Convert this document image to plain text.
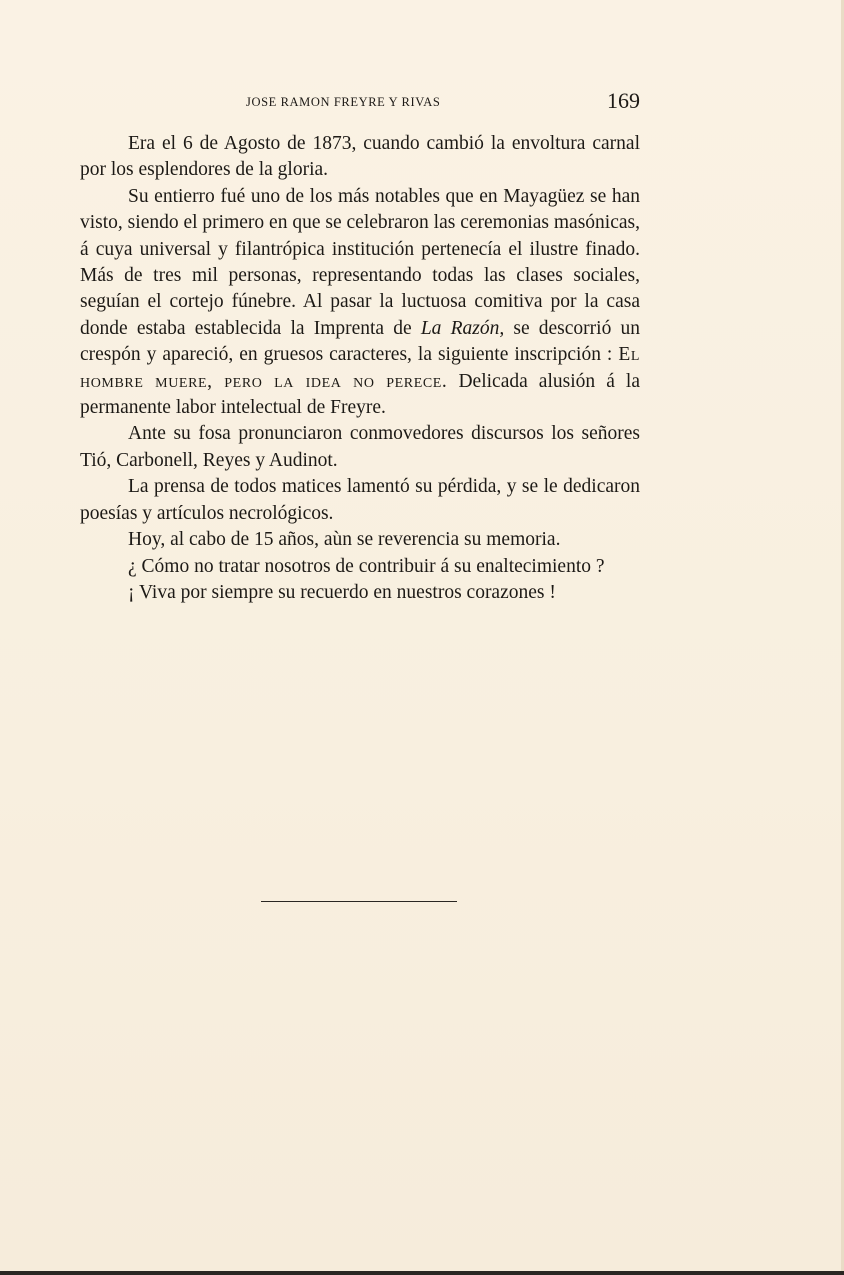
JOSE RAMON FREYRE Y RIVAS	169

Era el 6 de Agosto de 1873, cuando cambió la envoltura carnal por los esplendores de la gloria.

Su entierro fué uno de los más notables que en Mayagüez se han visto, siendo el primero en que se celebraron las ceremonias masónicas, á cuya universal y filantrópica institución pertenecía el ilustre finado. Más de tres mil personas, representando todas las clases sociales, seguían el cortejo fúnebre. Al pasar la luctuosa comitiva por la casa donde estaba establecida la Imprenta de La Razón, se descorrió un crespón y apareció, en gruesos caracteres, la siguiente inscripción : El hombre muere, pero la idea no perece. Delicada alusión á la permanente labor intelectual de Freyre.

Ante su fosa pronunciaron conmovedores discursos los señores Tió, Carbonell, Reyes y Audinot.

La prensa de todos matices lamentó su pérdida, y se le dedicaron poesías y artículos necrológicos.

Hoy, al cabo de 15 años, aùn se reverencia su memoria.

¿ Cómo no tratar nosotros de contribuir á su enaltecimiento ?

¡ Viva por siempre su recuerdo en nuestros corazones !
